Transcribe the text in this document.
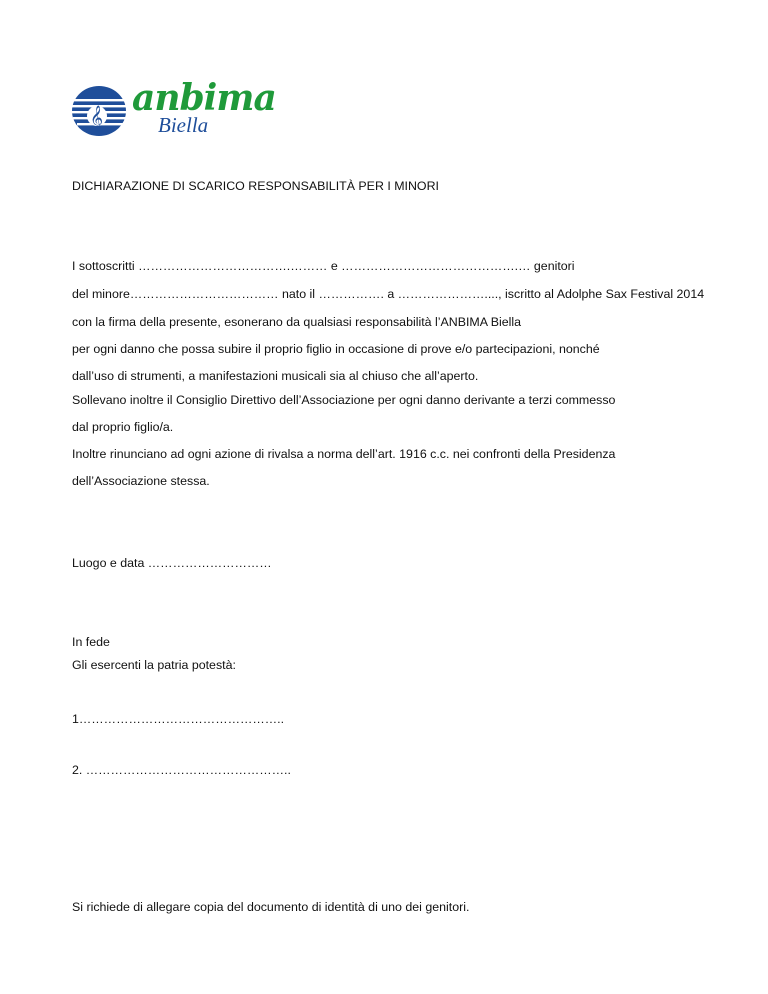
𝄞 anbima
Biella
DICHIARAZIONE DI SCARICO RESPONSABILITÀ PER I MINORI
I sottoscritti ……………………………….……… e …………………………………….… genitori
del minore……………………………… nato il ……………. a …………………...., iscritto al Adolphe Sax Festival 2014
con la firma della presente, esonerano da qualsiasi responsabilità l’ANBIMA Biella
per ogni danno che possa subire il proprio figlio in occasione di prove e/o partecipazioni, nonché
dall’uso di strumenti, a manifestazioni musicali sia al chiuso che all’aperto.
Sollevano inoltre il Consiglio Direttivo dell’Associazione per ogni danno derivante a terzi commesso
dal proprio figlio/a.
Inoltre rinunciano ad ogni azione di rivalsa a norma dell’art. 1916 c.c. nei confronti della Presidenza
dell’Associazione stessa.
Luogo e data …………………………
In fede
Gli esercenti la patria potestà:
1…………………………………………..
2. …………………………………………..
Si richiede di allegare copia del documento di identità di uno dei genitori.
